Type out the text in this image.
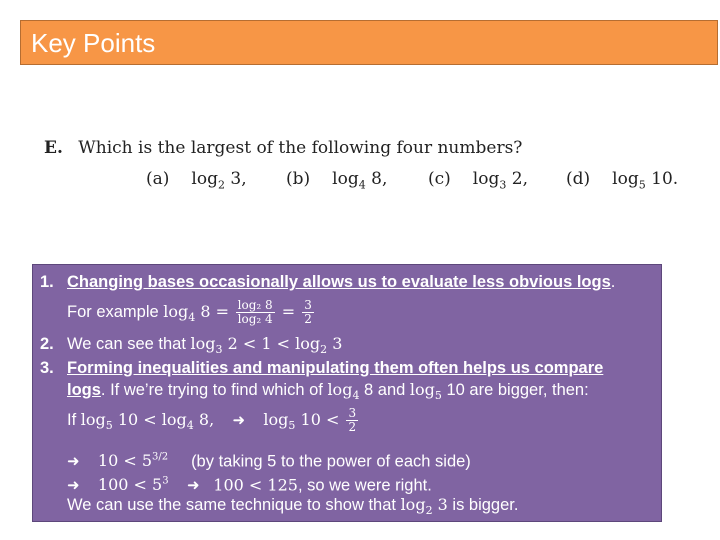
Key Points
E. Which is the largest of the following four numbers?
(a) $\log_2 3$, (b) $\log_4 8$, (c) $\log_3 2$, (d) $\log_5 10$.
1. Changing bases occasionally allows us to evaluate less obvious logs.
For example $\log_4 8 = \frac{\text{log₂ 8}}{\text{log₂ 4}} = \frac{3}{2}$
2. We can see that $\log_3 2 < 1 < \log_2 3$
3. Forming inequalities and manipulating them often helps us compare
logs. If we’re trying to find which of $\log_4 8$ and $\log_5 10$ are bigger, then:
If $\log_5 10 < \log_4 8$, ➜ $\log_5 10 < \frac{3}{2}$
➜ $10 < 5^{3/2}$ (by taking 5 to the power of each side)
➜ $100 < 5^3$ ➜ 100 < 125, so we were right.
We can use the same technique to show that $\log_2 3$ is bigger.
